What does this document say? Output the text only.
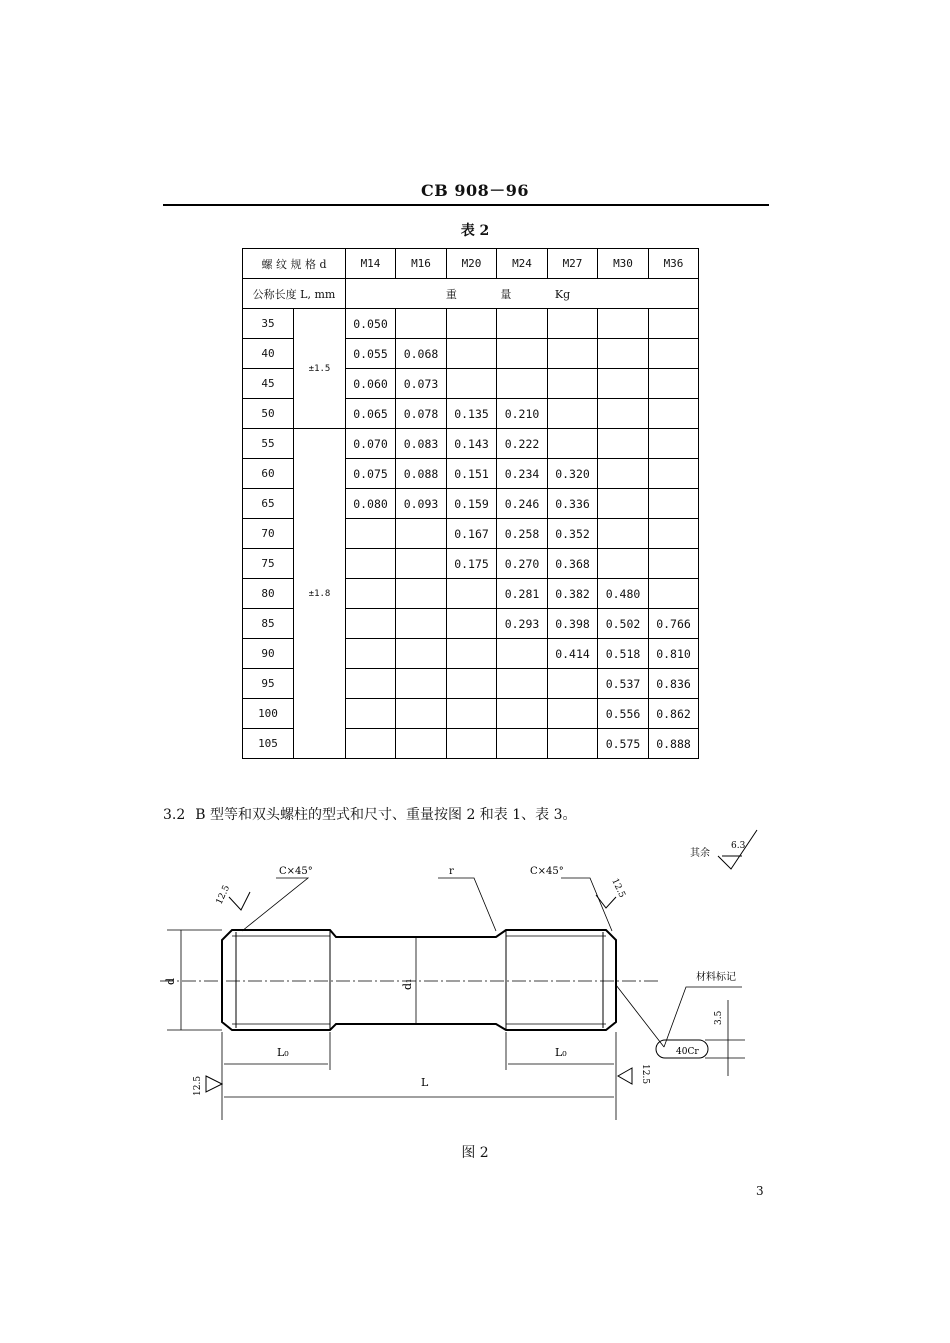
CB 908－96
表 2
螺 纹 规 格 d		M14	M16	M20	M24	M27	M30	M36
公称长度 L, mm		重 量 Kg						
35	±1.5	0.050						
40		0.055	0.068					
45		0.060	0.073					
50		0.065	0.078	0.135	0.210			
55	±1.8	0.070	0.083	0.143	0.222			
60		0.075	0.088	0.151	0.234	0.320		
65		0.080	0.093	0.159	0.246	0.336		
70				0.167	0.258	0.352		
75				0.175	0.270	0.368		
80					0.281	0.382	0.480	
85					0.293	0.398	0.502	0.766
90						0.414	0.518	0.810
95							0.537	0.836
100							0.556	0.862
105							0.575	0.888
3.2 B 型等和双头螺柱的型式和尺寸、重量按图 2 和表 1、表 3。
其余
6.3
C×45°	C×45°
r
12.5	12.5
d	d₁
L₀	L₀
L
12.5
12.5
材料标记
40Cr
3.5
图 2
3
